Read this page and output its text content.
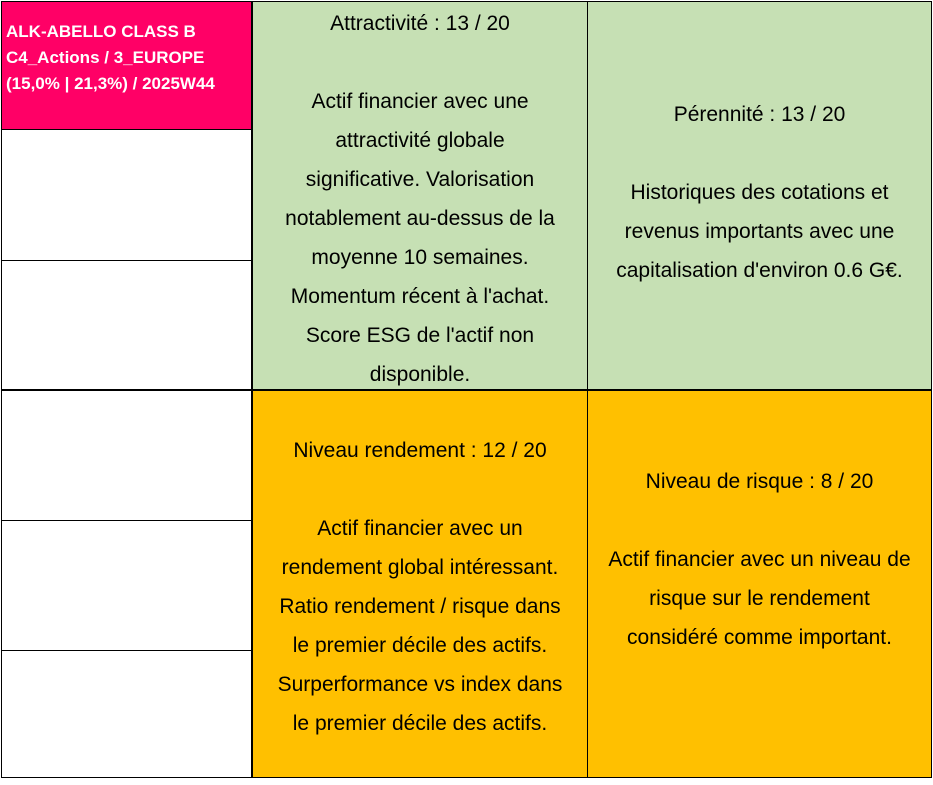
ALK-ABELLO CLASS B
C4_Actions / 3_EUROPE
(15,0% | 21,3%) / 2025W44
Attractivité : 13 / 20
Actif financier avec une
attractivité globale
significative. Valorisation
notablement au-dessus de la
moyenne 10 semaines.
Momentum récent à l'achat.
Score ESG de l'actif non
disponible.
Pérennité : 13 / 20
Historiques des cotations et
revenus importants avec une
capitalisation d'environ 0.6 G€.
Niveau rendement : 12 / 20
Actif financier avec un
rendement global intéressant.
Ratio rendement / risque dans
le premier décile des actifs.
Surperformance vs index dans
le premier décile des actifs.
Niveau de risque : 8 / 20
Actif financier avec un niveau de
risque sur le rendement
considéré comme important.
